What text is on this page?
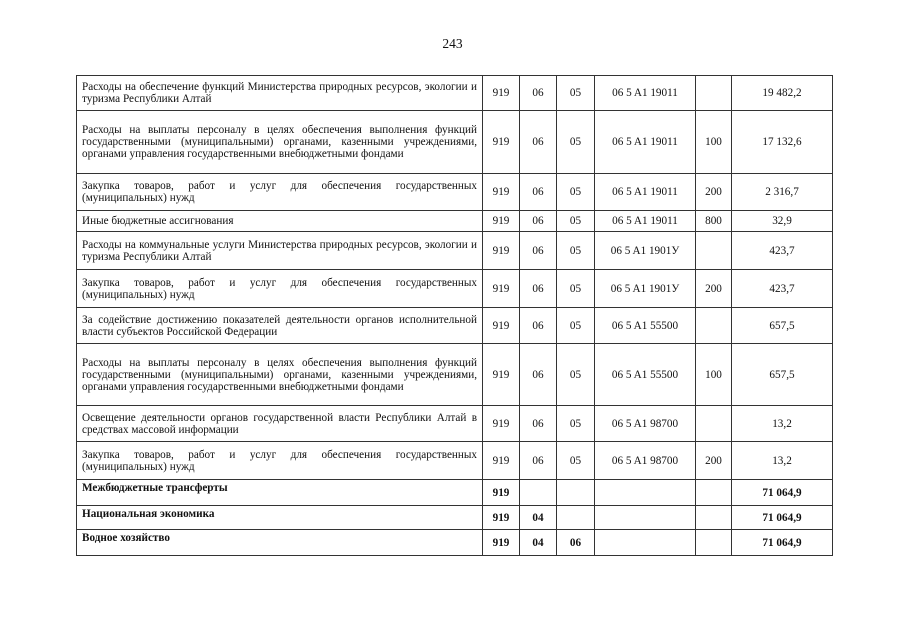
243
Расходы на обеспечение функций Министерства природных ресурсов, экологии и туризма Республики Алтай	919	06	05	06 5 A1 19011		19 482,2
Расходы на выплаты персоналу в целях обеспечения выполнения функций государственными (муниципальными) органами, казенными учреждениями, органами управления государственными внебюджетными фондами	919	06	05	06 5 A1 19011	100	17 132,6
Закупка товаров, работ и услуг для обеспечения государственных (муниципальных) нужд	919	06	05	06 5 A1 19011	200	2 316,7
Иные бюджетные ассигнования	919	06	05	06 5 A1 19011	800	32,9
Расходы на коммунальные услуги Министерства природных ресурсов, экологии и туризма Республики Алтай	919	06	05	06 5 A1 1901У		423,7
Закупка товаров, работ и услуг для обеспечения государственных (муниципальных) нужд	919	06	05	06 5 A1 1901У	200	423,7
За содействие достижению показателей деятельности органов исполнительной власти субъектов Российской Федерации	919	06	05	06 5 A1 55500		657,5
Расходы на выплаты персоналу в целях обеспечения выполнения функций государственными (муниципальными) органами, казенными учреждениями, органами управления государственными внебюджетными фондами	919	06	05	06 5 A1 55500	100	657,5
Освещение деятельности органов государственной власти Республики Алтай в средствах массовой информации	919	06	05	06 5 A1 98700		13,2
Закупка товаров, работ и услуг для обеспечения государственных (муниципальных) нужд	919	06	05	06 5 A1 98700	200	13,2
Межбюджетные трансферты	919					71 064,9
Национальная экономика	919	04				71 064,9
Водное хозяйство	919	04	06			71 064,9
